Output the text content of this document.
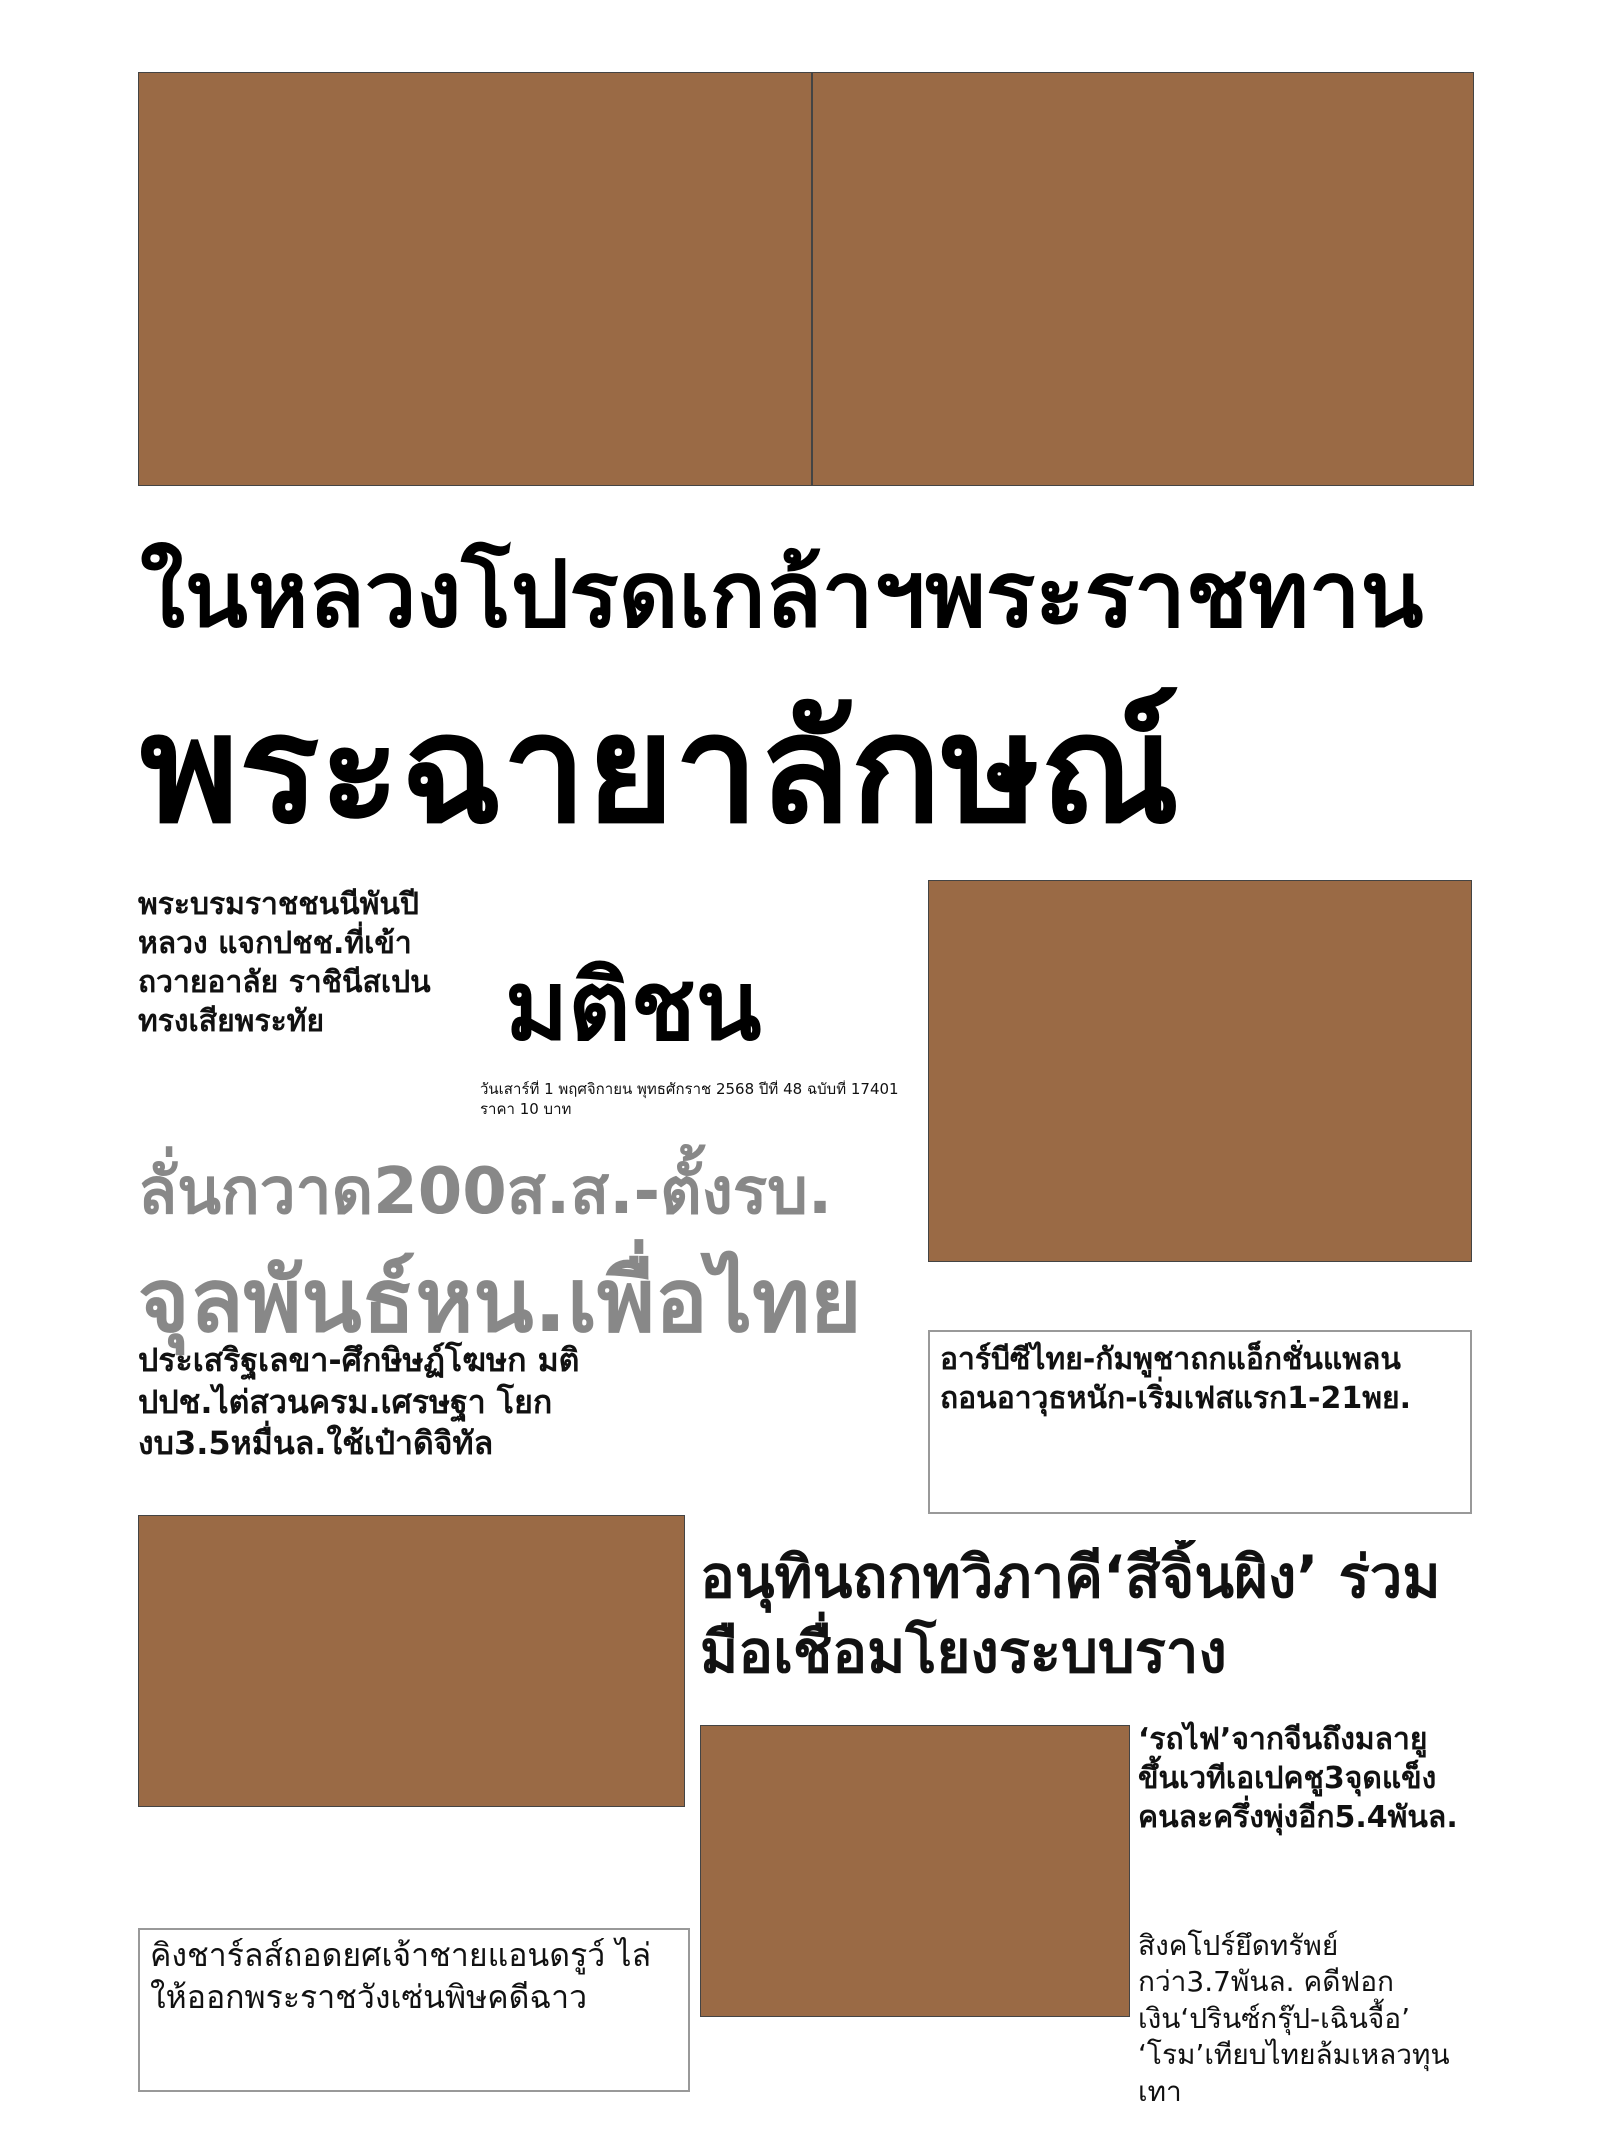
ในหลวงโปรดเกล้าฯพระราชทาน
พระฉายาลักษณ์
พระบรมราชชนนีพันปีหลวง แจกปชช.ที่เข้าถวายอาลัย ราชินีสเปนทรงเสียพระทัย	มติชน
วันเสาร์ที่ 1 พฤศจิกายน พุทธศักราช 2568 ปีที่ 48 ฉบับที่ 17401 ราคา 10 บาท
ลั่นกวาด200ส.ส.-ตั้งรบ.
จุลพันธ์หน.เพื่อไทย
ประเสริฐเลขา-ศึกษิษฏ์โฆษก มติปปช.ไต่สวนครม.เศรษฐา โยกงบ3.5หมื่นล.ใช้เป๋าดิจิทัล
อาร์บีซีไทย-กัมพูชาถกแอ็กชั่นแพลน ถอนอาวุธหนัก-เริ่มเฟสแรก1-21พย.
อนุทินถกทวิภาคี‘สีจิ้นผิง’ ร่วมมือเชื่อมโยงระบบราง
‘รถไฟ’จากจีนถึงมลายู ขึ้นเวทีเอเปคชู3จุดแข็ง คนละครึ่งพุ่งอีก5.4พันล.
คิงชาร์ลส์ถอดยศเจ้าชายแอนดรูว์ ไล่ให้ออกพระราชวังเซ่นพิษคดีฉาว
สิงคโปร์ยึดทรัพย์กว่า3.7พันล. คดีฟอกเงิน‘ปรินซ์กรุ๊ป-เฉินจื้อ’ ‘โรม’เทียบไทยล้มเหลวทุนเทา
